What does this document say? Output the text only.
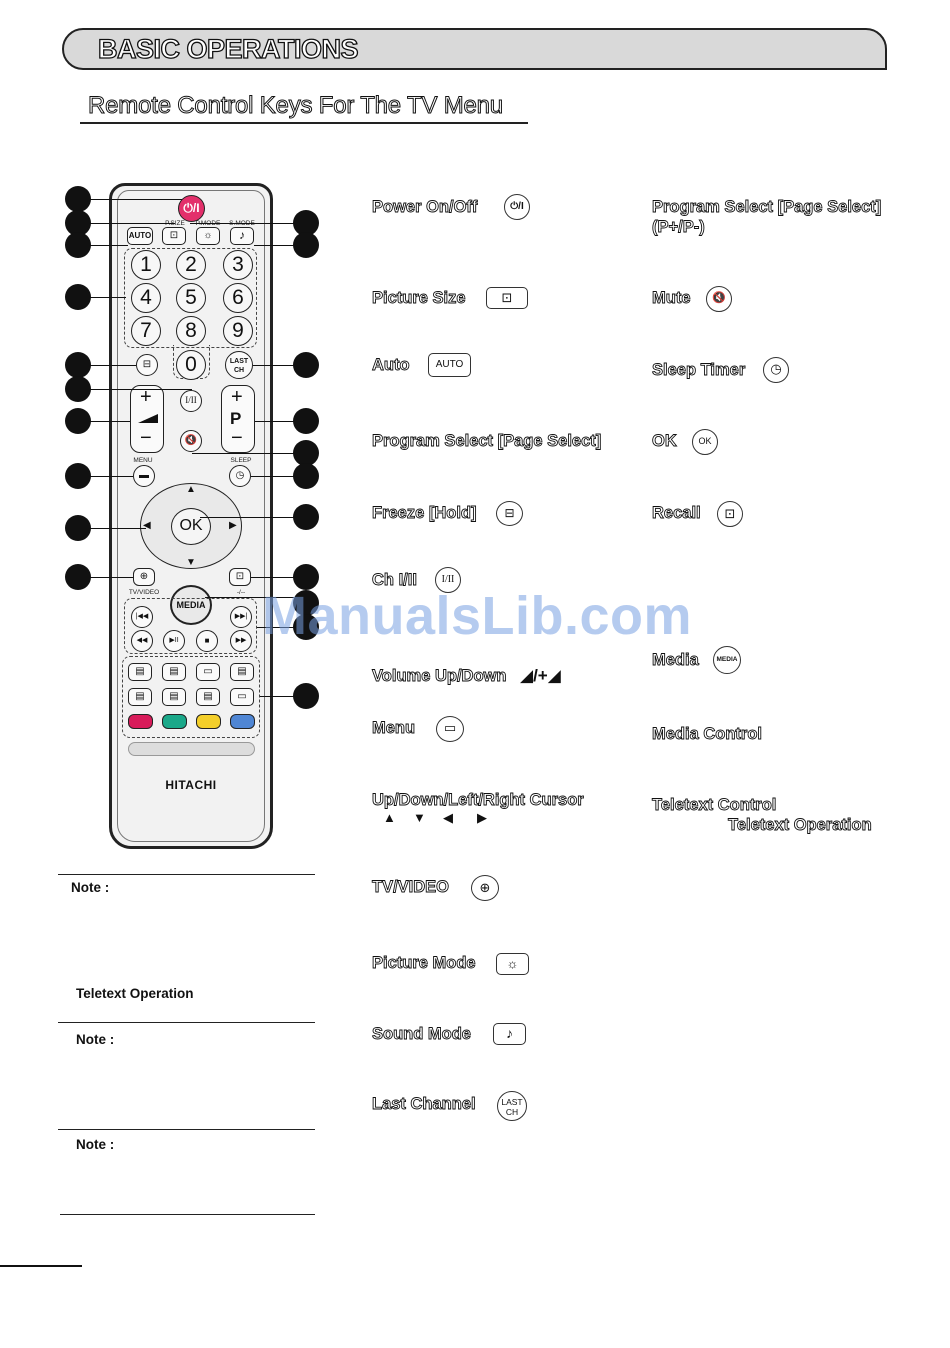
BASIC OPERATIONS
Remote Control Keys For The TV Menu
⏻/I
P.SIZE	P.MODE	S.MODE
AUTO	⊡	☼	♪
1	2	3
4	5	6
7	8	9
0
⊟	LAST CH
I/II
+
−
+
P
−
🔇
MENU	SLEEP
▬	◷
▲
▼
◀	▶
OK
⊕
TV/VIDEO
⊡
-/--
MEDIA
|◀◀	▶▶|
◀◀	▶II	■	▶▶
▤	▤	▭	▤
▤	▤	▤	▭
HITACHI
Power On/Off	⏻/I
Picture Size	⊡
Auto	AUTO
Program Select [Page Select]
Freeze [Hold]	⊟
Ch I/II	I/II
Volume Up/Down ◢/+◢
Menu	▭
Up/Down/Left/Right Cursor
▲ ▼ ◀ ▶
TV/VIDEO	⊕
Picture Mode	☼
Sound Mode	♪
Last Channel	LAST CH
Program Select [Page Select]
(P+/P-)
Mute	🔇
Sleep Timer	◷
OK	OK
Recall	⊡
Media	MEDIA
Media Control
Teletext Control
Teletext Operation
Note :
Teletext Operation
Note :
Note :
ManualsLib.com
